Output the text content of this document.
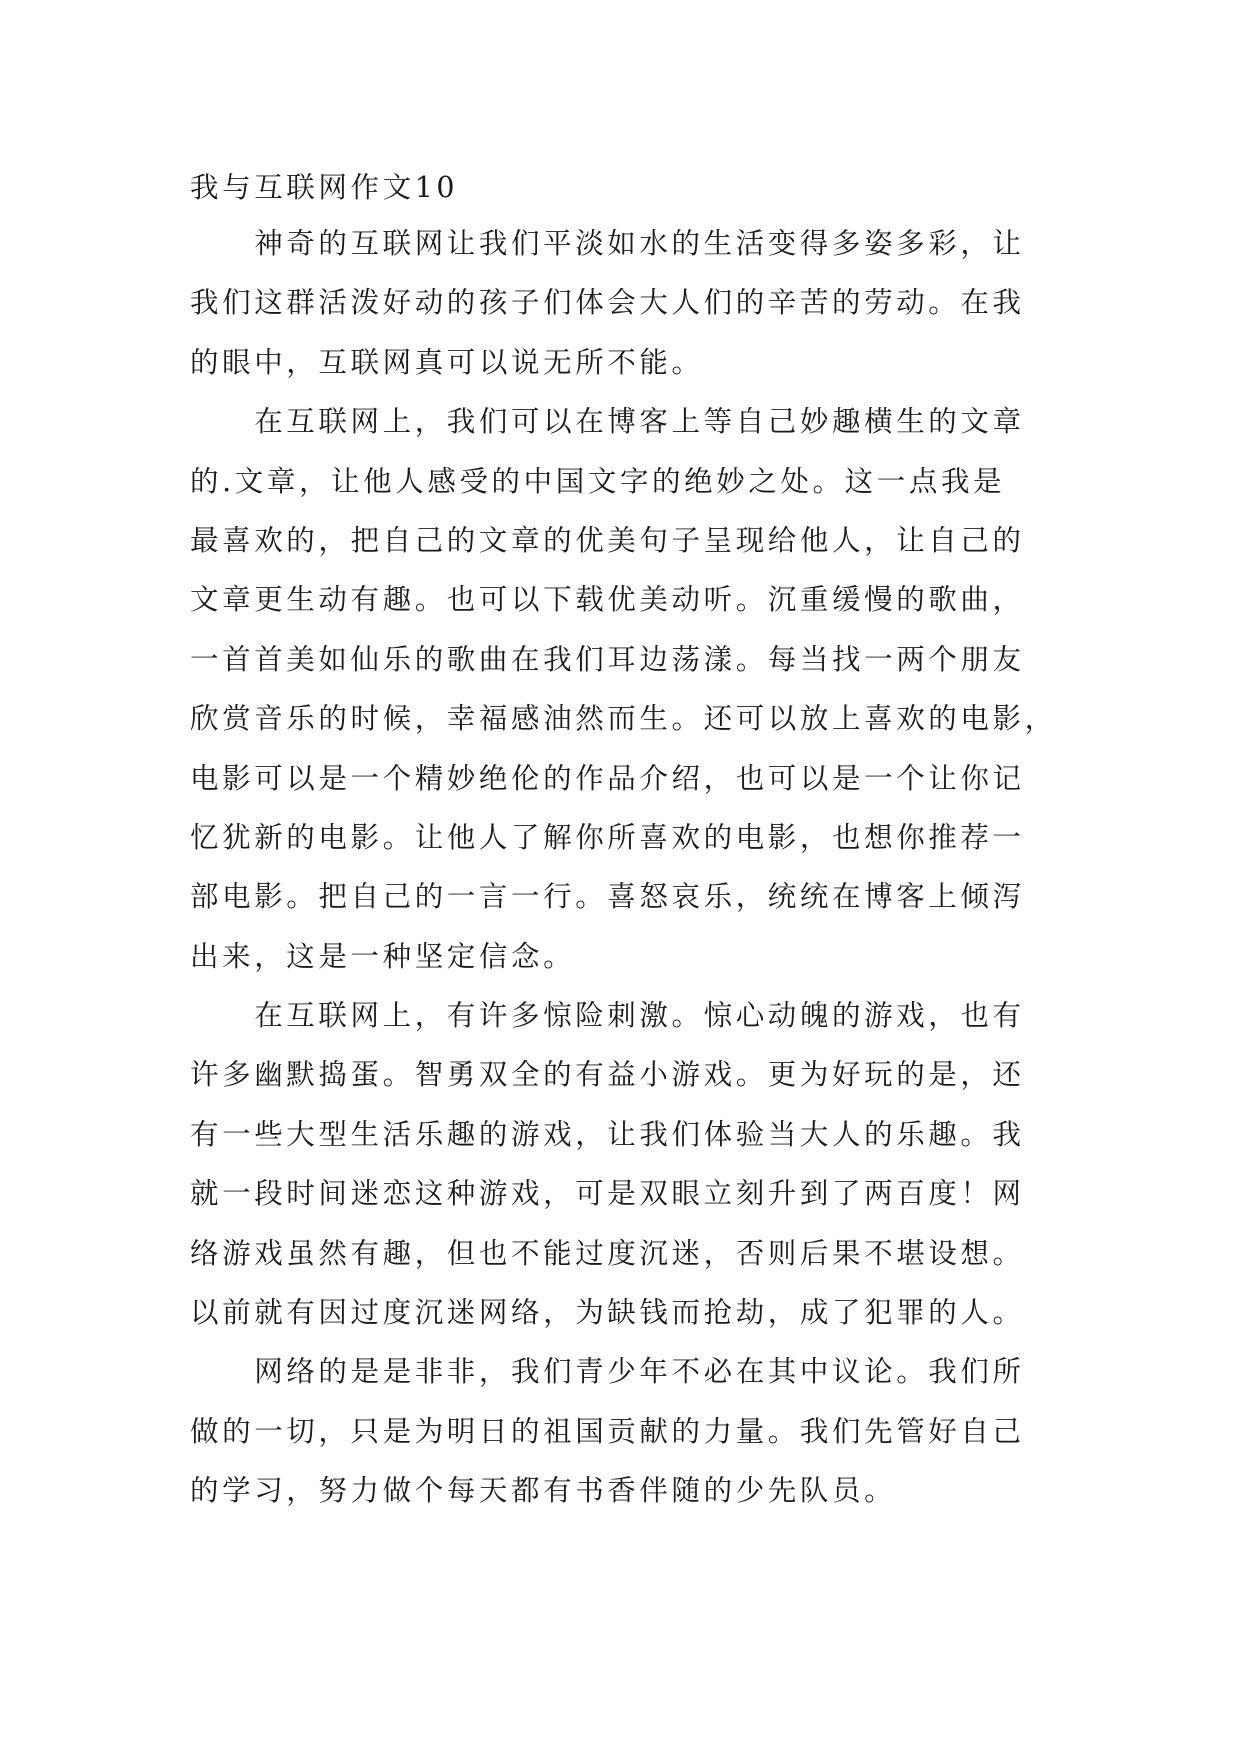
我与互联网作文10
　　神奇的互联网让我们平淡如水的生活变得多姿多彩，让
我们这群活泼好动的孩子们体会大人们的辛苦的劳动。在我
的眼中，互联网真可以说无所不能。
　　在互联网上，我们可以在博客上等自己妙趣横生的文章
的.文章，让他人感受的中国文字的绝妙之处。这一点我是
最喜欢的，把自己的文章的优美句子呈现给他人，让自己的
文章更生动有趣。也可以下载优美动听。沉重缓慢的歌曲，
一首首美如仙乐的歌曲在我们耳边荡漾。每当找一两个朋友
欣赏音乐的时候，幸福感油然而生。还可以放上喜欢的电影，
电影可以是一个精妙绝伦的作品介绍，也可以是一个让你记
忆犹新的电影。让他人了解你所喜欢的电影，也想你推荐一
部电影。把自己的一言一行。喜怒哀乐，统统在博客上倾泻
出来，这是一种坚定信念。
　　在互联网上，有许多惊险刺激。惊心动魄的游戏，也有
许多幽默捣蛋。智勇双全的有益小游戏。更为好玩的是，还
有一些大型生活乐趣的游戏，让我们体验当大人的乐趣。我
就一段时间迷恋这种游戏，可是双眼立刻升到了两百度！网
络游戏虽然有趣，但也不能过度沉迷，否则后果不堪设想。
以前就有因过度沉迷网络，为缺钱而抢劫，成了犯罪的人。
　　网络的是是非非，我们青少年不必在其中议论。我们所
做的一切，只是为明日的祖国贡献的力量。我们先管好自己
的学习，努力做个每天都有书香伴随的少先队员。
